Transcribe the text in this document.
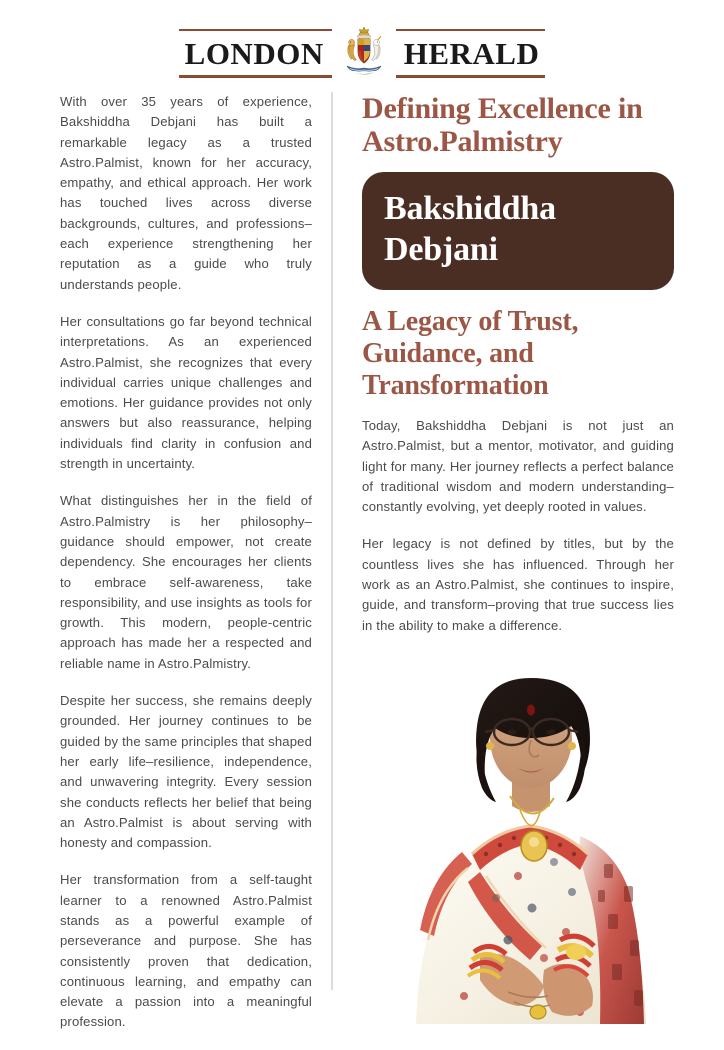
LONDON	HERALD

With over 35 years of experience, Bakshiddha Debjani has built a remarkable legacy as a trusted Astro.Palmist, known for her accuracy, empathy, and ethical approach. Her work has touched lives across diverse backgrounds, cultures, and professions–each experience strengthening her reputation as a guide who truly understands people.

Her consultations go far beyond technical interpretations. As an experienced Astro.Palmist, she recognizes that every individual carries unique challenges and emotions. Her guidance provides not only answers but also reassurance, helping individuals find clarity in confusion and strength in uncertainty.

What distinguishes her in the field of Astro.Palmistry is her philosophy–guidance should empower, not create dependency. She encourages her clients to embrace self-awareness, take responsibility, and use insights as tools for growth. This modern, people-centric approach has made her a respected and reliable name in Astro.Palmistry.

Despite her success, she remains deeply grounded. Her journey continues to be guided by the same principles that shaped her early life–resilience, independence, and unwavering integrity. Every session she conducts reflects her belief that being an Astro.Palmist is about serving with honesty and compassion.

Her transformation from a self-taught learner to a renowned Astro.Palmist stands as a powerful example of perseverance and purpose. She has consistently proven that dedication, continuous learning, and empathy can elevate a passion into a meaningful profession.

Defining Excellence in Astro.Palmistry
Bakshiddha Debjani
A Legacy of Trust, Guidance, and Transformation

Today, Bakshiddha Debjani is not just an Astro.Palmist, but a mentor, motivator, and guiding light for many. Her journey reflects a perfect balance of traditional wisdom and modern understanding–constantly evolving, yet deeply rooted in values.

Her legacy is not defined by titles, but by the countless lives she has influenced. Through her work as an Astro.Palmist, she continues to inspire, guide, and transform–proving that true success lies in the ability to make a difference.
